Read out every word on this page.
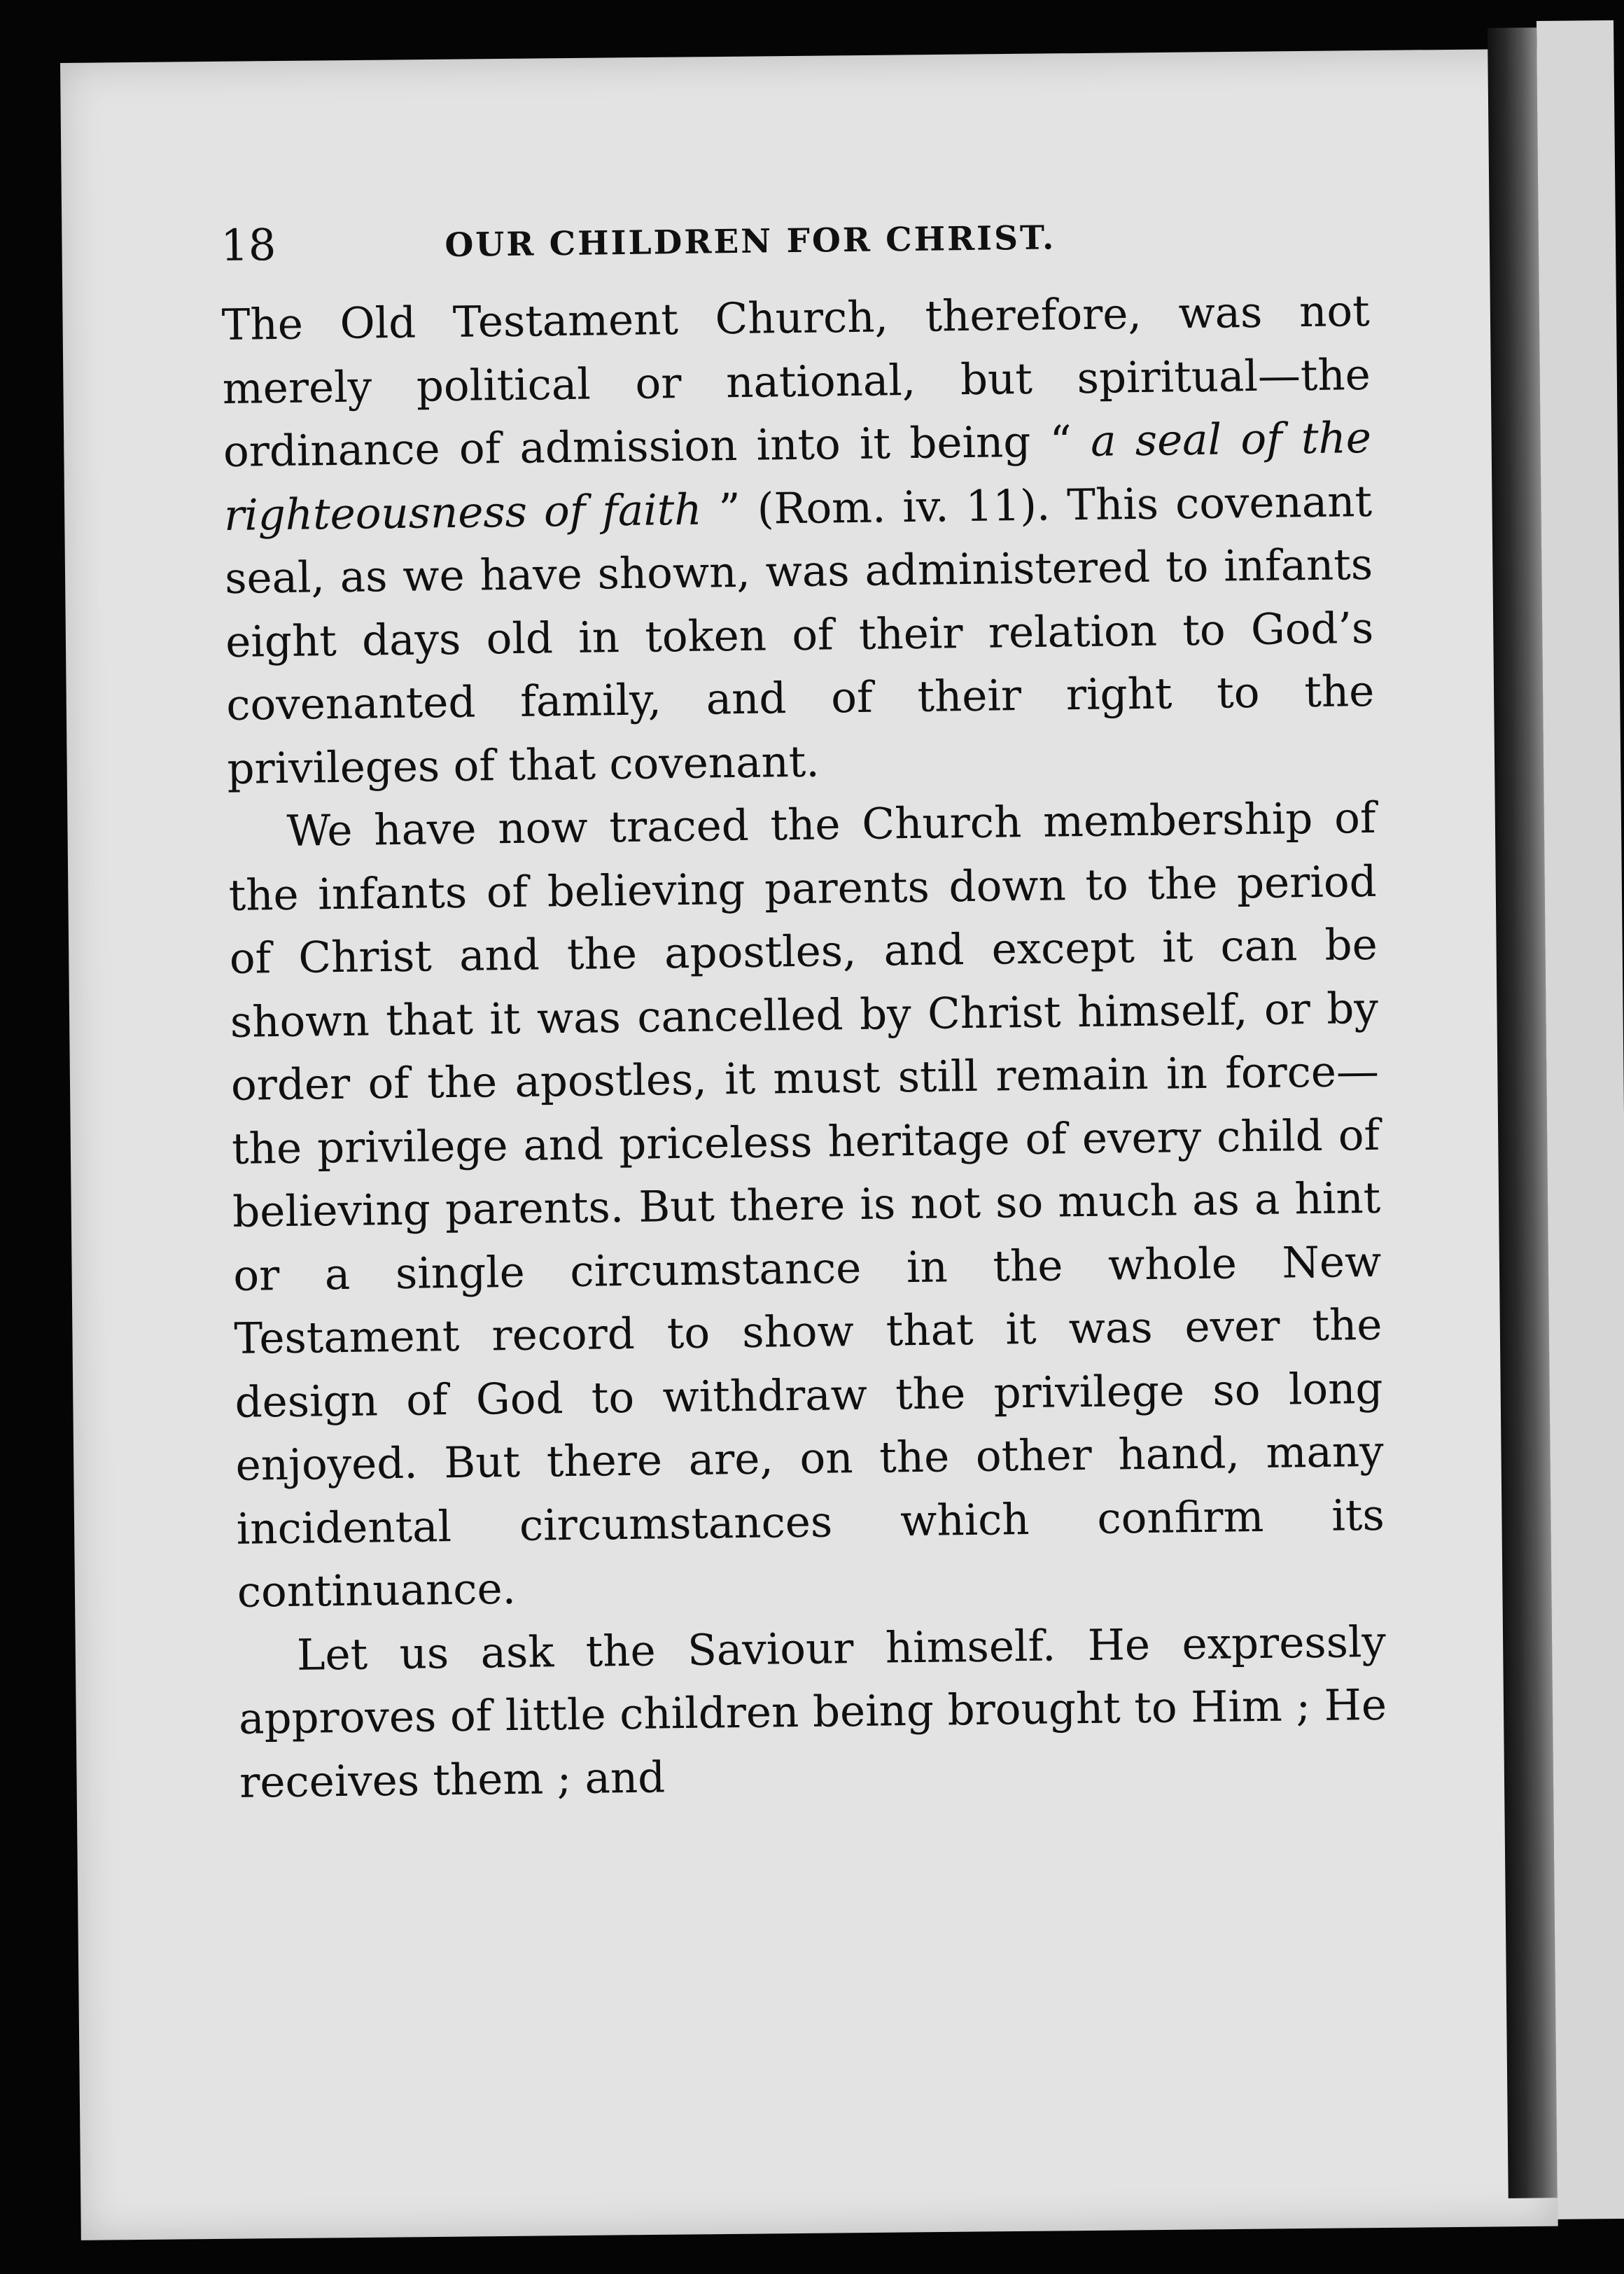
18	OUR CHILDREN FOR CHRIST.

The Old Testament Church, therefore, was not merely political or national, but spiritual—the ordinance of admission into it being “ a seal of the righteousness of faith ” (Rom. iv. 11). This covenant seal, as we have shown, was administered to infants eight days old in token of their relation to God’s covenanted family, and of their right to the privileges of that covenant.

We have now traced the Church membership of the infants of believing parents down to the period of Christ and the apostles, and except it can be shown that it was cancelled by Christ himself, or by order of the apostles, it must still remain in force—the privilege and priceless heritage of every child of believing parents. But there is not so much as a hint or a single circumstance in the whole New Testament record to show that it was ever the design of God to withdraw the privilege so long enjoyed. But there are, on the other hand, many incidental circumstances which confirm its continuance.

Let us ask the Saviour himself. He expressly approves of little children being brought to Him ; He receives them ; and
